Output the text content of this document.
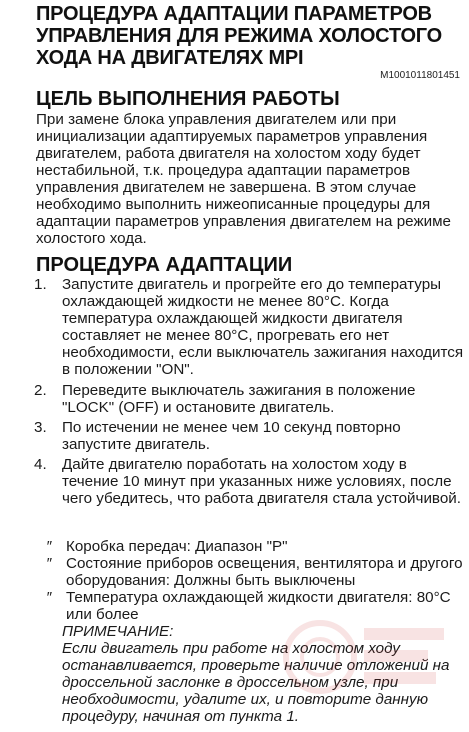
ПРОЦЕДУРА АДАПТАЦИИ ПАРАМЕТРОВ УПРАВЛЕНИЯ ДЛЯ РЕЖИМА ХОЛОСТОГО ХОДА НА ДВИГАТЕЛЯХ MPI
M1001011801451
ЦЕЛЬ ВЫПОЛНЕНИЯ РАБОТЫ

При замене блока управления двигателем или при инициализации адаптируемых параметров управления двигателем, работа двигателя на холостом ходу будет нестабильной, т.к. процедура адаптации параметров управления двигателем не завершена. В этом случае необходимо выполнить нижеописанные процедуры для адаптации параметров управления двигателем на режиме холостого хода.

ПРОЦЕДУРА АДАПТАЦИИ
1. Запустите двигатель и прогрейте его до температуры охлаждающей жидкости не менее 80°C. Когда температура охлаждающей жидкости двигателя составляет не менее 80°C, прогревать его нет необходимости, если выключатель зажигания находится в положении "ON".
2. Переведите выключатель зажигания в положение "LOCK" (OFF) и остановите двигатель.
3. По истечении не менее чем 10 секунд повторно запустите двигатель.
4. Дайте двигателю поработать на холостом ходу в течение 10 минут при указанных ниже условиях, после чего убедитесь, что работа двигателя стала устойчивой.
″ Коробка передач: Диапазон "P"
″ Состояние приборов освещения, вентилятора и другого оборудования: Должны быть выключены
″ Температура охлаждающей жидкости двигателя: 80°C или более

ПРИМЕЧАНИЕ:

Если двигатель при работе на холостом ходу останавливается, проверьте наличие отложений на дроссельной заслонке в дроссельном узле, при необходимости, удалите их, и повторите данную процедуру, начиная от пункта 1.
